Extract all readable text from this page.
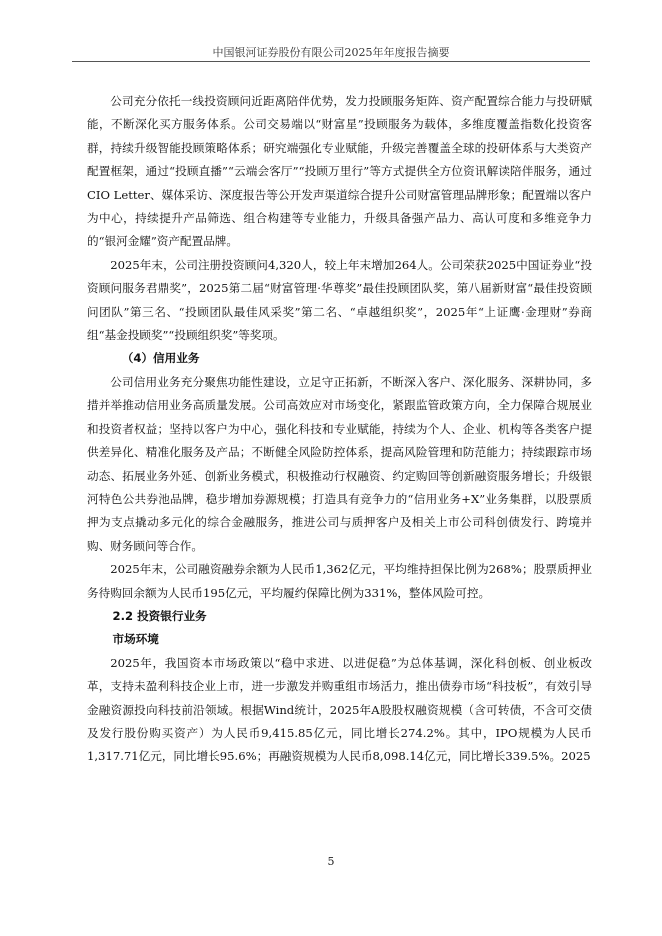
中国银河证券股份有限公司2025年年度报告摘要

公司充分依托一线投资顾问近距离陪伴优势，发力投顾服务矩阵、资产配置综合能力与投研赋能，不断深化买方服务体系。公司交易端以“财富星”投顾服务为载体，多维度覆盖指数化投资客群，持续升级智能投顾策略体系；研究端强化专业赋能，升级完善覆盖全球的投研体系与大类资产配置框架，通过“投顾直播”“云端会客厅”“投顾万里行”等方式提供全方位资讯解读陪伴服务，通过CIO Letter、媒体采访、深度报告等公开发声渠道综合提升公司财富管理品牌形象；配置端以客户为中心，持续提升产品筛选、组合构建等专业能力，升级具备强产品力、高认可度和多维竞争力的“银河金耀”资产配置品牌。

2025年末，公司注册投资顾问4,320人，较上年末增加264人。公司荣获2025中国证券业“投资顾问服务君鼎奖”，2025第二届“财富管理·华尊奖”最佳投顾团队奖，第八届新财富“最佳投资顾问团队”第三名、“投顾团队最佳风采奖”第二名、“卓越组织奖”，2025年“上证鹰·金理财”券商组“基金投顾奖”“投顾组织奖”等奖项。

（4）信用业务

公司信用业务充分聚焦功能性建设，立足守正拓新，不断深入客户、深化服务、深耕协同，多措并举推动信用业务高质量发展。公司高效应对市场变化，紧跟监管政策方向，全力保障合规展业和投资者权益；坚持以客户为中心，强化科技和专业赋能，持续为个人、企业、机构等各类客户提供差异化、精准化服务及产品；不断健全风险防控体系，提高风险管理和防范能力；持续跟踪市场动态、拓展业务外延、创新业务模式，积极推动行权融资、约定购回等创新融资服务增长；升级银河特色公共券池品牌，稳步增加券源规模；打造具有竞争力的“信用业务+X”业务集群，以股票质押为支点撬动多元化的综合金融服务，推进公司与质押客户及相关上市公司科创债发行、跨境并购、财务顾问等合作。

2025年末，公司融资融券余额为人民币1,362亿元，平均维持担保比例为268%；股票质押业务待购回余额为人民币195亿元，平均履约保障比例为331%，整体风险可控。

2.2 投资银行业务

市场环境

2025年，我国资本市场政策以“稳中求进、以进促稳”为总体基调，深化科创板、创业板改革，支持未盈利科技企业上市，进一步激发并购重组市场活力，推出债券市场“科技板”，有效引导金融资源投向科技前沿领域。根据Wind统计，2025年A股股权融资规模（含可转债，不含可交债及发行股份购买资产）为人民币9,415.85亿元，同比增长274.2%。其中，IPO规模为人民币1,317.71亿元，同比增长95.6%；再融资规模为人民币8,098.14亿元，同比增长339.5%。2025

5
